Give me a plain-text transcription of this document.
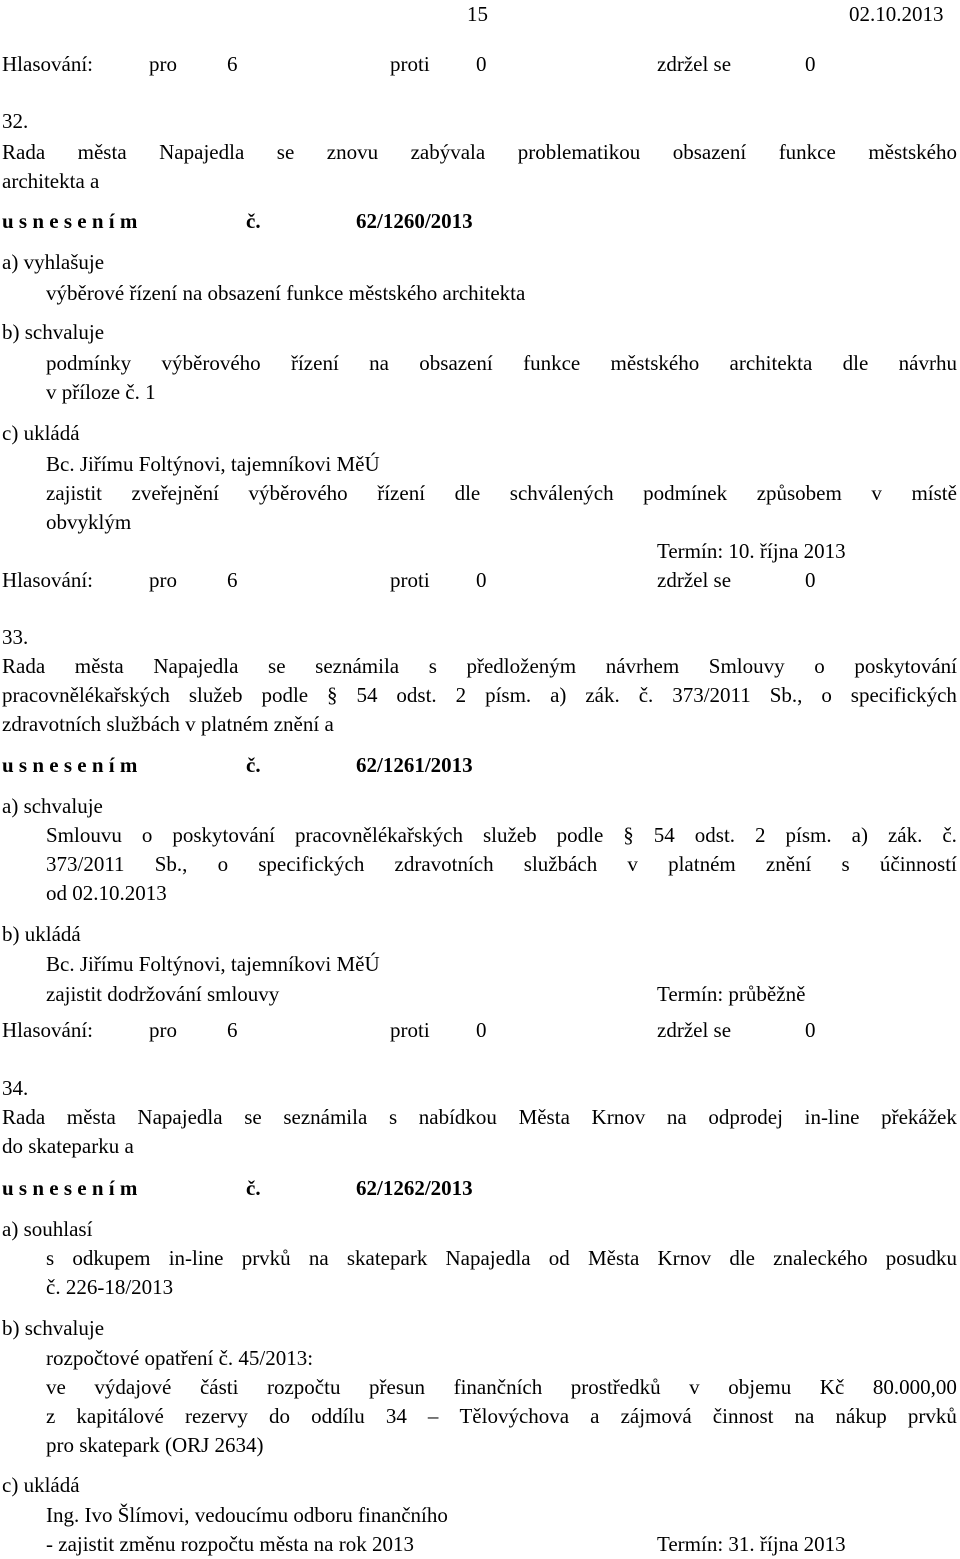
15	02.10.2013
Hlasování:	pro 6	proti 0	zdržel se	0
32.
Rada města Napajedla se znovu zabývala problematikou obsazení funkce městského
architekta a
u s n e s e n í m	č.	62/1260/2013
a) vyhlašuje
výběrové řízení na obsazení funkce městského architekta
b) schvaluje
podmínky výběrového řízení na obsazení funkce městského architekta dle návrhu
v příloze č. 1
c) ukládá
Bc. Jiřímu Foltýnovi, tajemníkovi MěÚ
zajistit zveřejnění výběrového řízení dle schválených podmínek způsobem v místě
obvyklým
Termín: 10. října 2013
Hlasování:	pro 6	proti 0	zdržel se	0
33.
Rada města Napajedla se seznámila s předloženým návrhem Smlouvy o poskytování
pracovnělékařských služeb podle § 54 odst. 2 písm. a) zák. č. 373/2011 Sb., o specifických
zdravotních službách v platném znění a
u s n e s e n í m	č.	62/1261/2013
a) schvaluje
Smlouvu o poskytování pracovnělékařských služeb podle § 54 odst. 2 písm. a) zák. č.
373/2011 Sb., o specifických zdravotních službách v platném znění s účinností
od 02.10.2013
b) ukládá
Bc. Jiřímu Foltýnovi, tajemníkovi MěÚ
zajistit dodržování smlouvy	Termín: průběžně
Hlasování:	pro 6	proti 0	zdržel se	0
34.
Rada města Napajedla se seznámila s nabídkou Města Krnov na odprodej in-line překážek
do skateparku a
u s n e s e n í m	č.	62/1262/2013
a) souhlasí
s odkupem in-line prvků na skatepark Napajedla od Města Krnov dle znaleckého posudku
č. 226-18/2013
b) schvaluje
rozpočtové opatření č. 45/2013:
ve výdajové části rozpočtu přesun finančních prostředků v objemu Kč 80.000,00
z kapitálové rezervy do oddílu 34 – Tělovýchova a zájmová činnost na nákup prvků
pro skatepark (ORJ 2634)
c) ukládá
Ing. Ivo Šlímovi, vedoucímu odboru finančního
- zajistit změnu rozpočtu města na rok 2013	Termín: 31. října 2013
